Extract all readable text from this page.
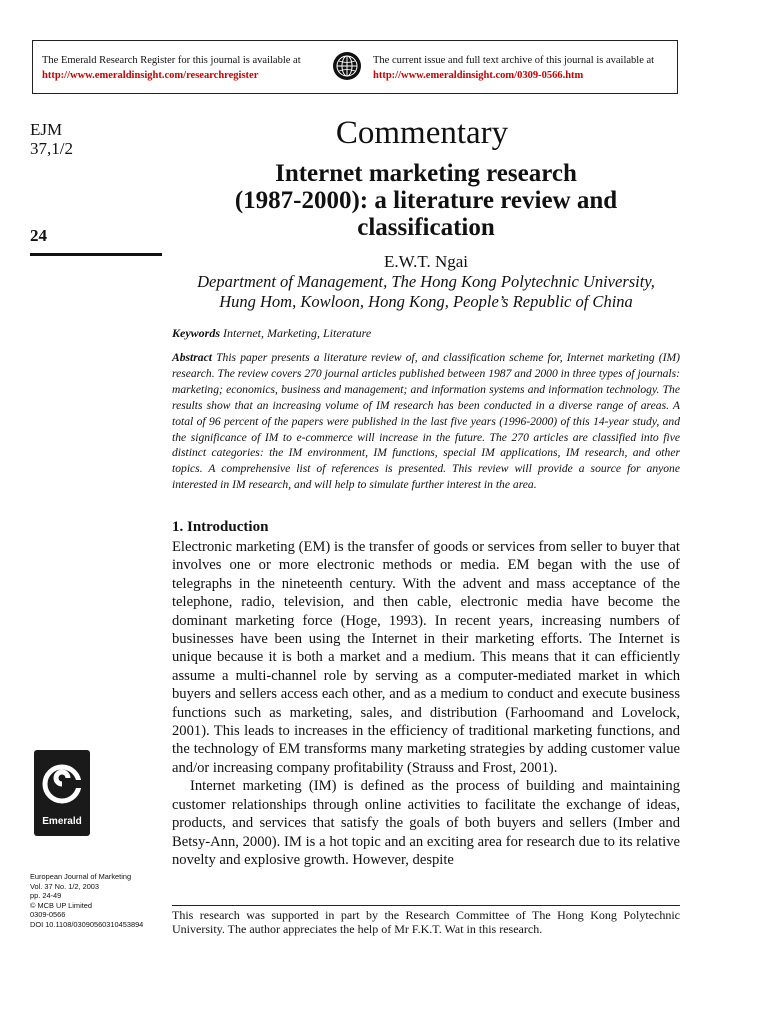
The Emerald Research Register for this journal is available at
http://www.emeraldinsight.com/researchregister
The current issue and full text archive of this journal is available at
http://www.emeraldinsight.com/0309-0566.htm
EJM
37,1/2
24
Commentary
Internet marketing research
(1987-2000): a literature review and
classification
E.W.T. Ngai
Department of Management, The Hong Kong Polytechnic University,
Hung Hom, Kowloon, Hong Kong, People’s Republic of China
Keywords Internet, Marketing, Literature
Abstract This paper presents a literature review of, and classification scheme for, Internet marketing (IM) research. The review covers 270 journal articles published between 1987 and 2000 in three types of journals: marketing; economics, business and management; and information systems and information technology. The results show that an increasing volume of IM research has been conducted in a diverse range of areas. A total of 96 percent of the papers were published in the last five years (1996-2000) of this 14-year study, and the significance of IM to e-commerce will increase in the future. The 270 articles are classified into five distinct categories: the IM environment, IM functions, special IM applications, IM research, and other topics. A comprehensive list of references is presented. This review will provide a source for anyone interested in IM research, and will help to simulate further interest in the area.
1. Introduction

Electronic marketing (EM) is the transfer of goods or services from seller to buyer that involves one or more electronic methods or media. EM began with the use of telegraphs in the nineteenth century. With the advent and mass acceptance of the telephone, radio, television, and then cable, electronic media have become the dominant marketing force (Hoge, 1993). In recent years, increasing numbers of businesses have been using the Internet in their marketing efforts. The Internet is unique because it is both a market and a medium. This means that it can efficiently assume a multi-channel role by serving as a computer-mediated market in which buyers and sellers access each other, and as a medium to conduct and execute business functions such as marketing, sales, and distribution (Farhoomand and Lovelock, 2001). This leads to increases in the efficiency of traditional marketing functions, and the technology of EM transforms many marketing strategies by adding customer value and/or increasing company profitability (Strauss and Frost, 2001).

Internet marketing (IM) is defined as the process of building and maintaining customer relationships through online activities to facilitate the exchange of ideas, products, and services that satisfy the goals of both buyers and sellers (Imber and Betsy-Ann, 2000). IM is a hot topic and an exciting area for research due to its relative novelty and explosive growth. However, despite

This research was supported in part by the Research Committee of The Hong Kong Polytechnic University. The author appreciates the help of Mr F.K.T. Wat in this research.
Emerald
European Journal of Marketing
Vol. 37 No. 1/2, 2003
pp. 24-49
© MCB UP Limited
0309-0566
DOI 10.1108/03090560310453894
